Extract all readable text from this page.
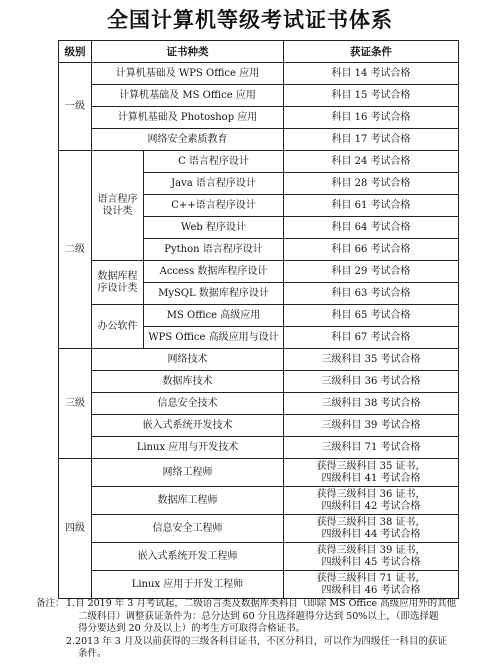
全国计算机等级考试证书体系
级别	证书种类		获证条件
一级	计算机基础及 WPS Office 应用		科目 14 考试合格
	计算机基础及 MS Office 应用		科目 15 考试合格
	计算机基础及 Photoshop 应用		科目 16 考试合格
	网络安全素质教育		科目 17 考试合格
二级	语言程序设计类	C 语言程序设计	科目 24 考试合格
		Java 语言程序设计	科目 28 考试合格
		C++语言程序设计	科目 61 考试合格
		Web 程序设计	科目 64 考试合格
		Python 语言程序设计	科目 66 考试合格
	数据库程序设计类	Access 数据库程序设计	科目 29 考试合格
		MySQL 数据库程序设计	科目 63 考试合格
	办公软件	MS Office 高级应用	科目 65 考试合格
		WPS Office 高级应用与设计	科目 67 考试合格
三级	网络技术		三级科目 35 考试合格
	数据库技术		三级科目 36 考试合格
	信息安全技术		三级科目 38 考试合格
	嵌入式系统开发技术		三级科目 39 考试合格
	Linux 应用与开发技术		三级科目 71 考试合格
四级	网络工程师		获得三级科目 35 证书，
四级科目 41 考试合格

	数据库工程师		获得三级科目 36 证书，
四级科目 42 考试合格

	信息安全工程师		获得三级科目 38 证书，
四级科目 44 考试合格

	嵌入式系统开发工程师		获得三级科目 39 证书，
四级科目 45 考试合格

	Linux 应用于开发工程师		获得三级科目 71 证书，
四级科目 46 考试合格
备注： 1.自 2019 年 3 月考试起，二级语言类及数据库类科目（即除 MS Office 高级应用外的其他
二级科目）调整获证条件为：总分达到 60 分且选择题得分达到 50%以上，（即选择题
得分要达到 20 分及以上）的考生方可取得合格证书。
2.2013 年 3 月及以前获得的三级各科目证书，不区分科目，可以作为四级任一科目的获证
条件。
